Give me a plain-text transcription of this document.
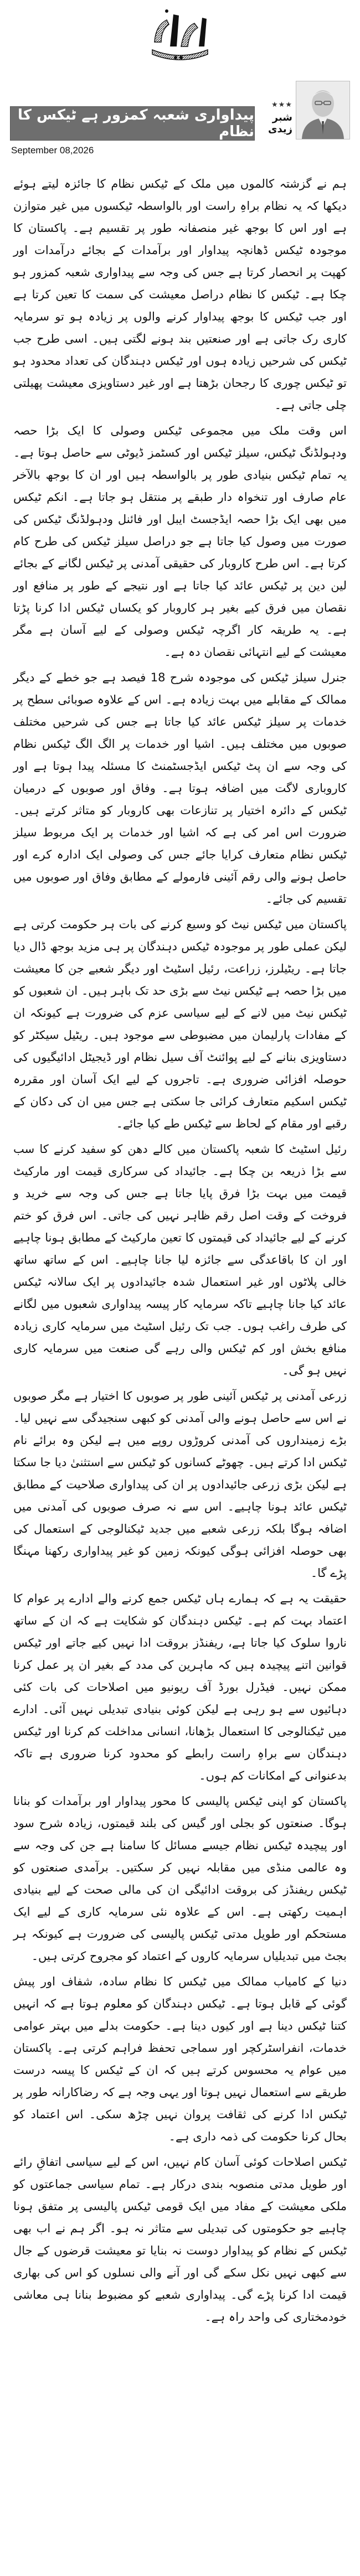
پیداواری شعبہ کمزور ہے ٹیکس کا نظام
September 08,2026
★★★
شبر زیدی

ہم نے گزشتہ کالموں میں ملک کے ٹیکس نظام کا جائزہ لیتے ہوئے دیکھا کہ یہ نظام براہِ راست اور بالواسطہ ٹیکسوں میں غیر متوازن ہے اور اس کا بوجھ غیر منصفانہ طور پر تقسیم ہے۔ پاکستان کا موجودہ ٹیکس ڈھانچہ پیداوار اور برآمدات کے بجائے درآمدات اور کھپت پر انحصار کرتا ہے جس کی وجہ سے پیداواری شعبہ کمزور ہو چکا ہے۔ ٹیکس کا نظام دراصل معیشت کی سمت کا تعین کرتا ہے اور جب ٹیکس کا بوجھ پیداوار کرنے والوں پر زیادہ ہو تو سرمایہ کاری رک جاتی ہے اور صنعتیں بند ہونے لگتی ہیں۔ اسی طرح جب ٹیکس کی شرحیں زیادہ ہوں اور ٹیکس دہندگان کی تعداد محدود ہو تو ٹیکس چوری کا رجحان بڑھتا ہے اور غیر دستاویزی معیشت پھیلتی چلی جاتی ہے۔

اس وقت ملک میں مجموعی ٹیکس وصولی کا ایک بڑا حصہ ودہولڈنگ ٹیکس، سیلز ٹیکس اور کسٹمز ڈیوٹی سے حاصل ہوتا ہے۔ یہ تمام ٹیکس بنیادی طور پر بالواسطہ ہیں اور ان کا بوجھ بالآخر عام صارف اور تنخواہ دار طبقے پر منتقل ہو جاتا ہے۔ انکم ٹیکس میں بھی ایک بڑا حصہ ایڈجسٹ ایبل اور فائنل ودہولڈنگ ٹیکس کی صورت میں وصول کیا جاتا ہے جو دراصل سیلز ٹیکس کی طرح کام کرتا ہے۔ اس طرح کاروبار کی حقیقی آمدنی پر ٹیکس لگانے کے بجائے لین دین پر ٹیکس عائد کیا جاتا ہے اور نتیجے کے طور پر منافع اور نقصان میں فرق کیے بغیر ہر کاروبار کو یکساں ٹیکس ادا کرنا پڑتا ہے۔ یہ طریقہ کار اگرچہ ٹیکس وصولی کے لیے آسان ہے مگر معیشت کے لیے انتہائی نقصان دہ ہے۔

جنرل سیلز ٹیکس کی موجودہ شرح 18 فیصد ہے جو خطے کے دیگر ممالک کے مقابلے میں بہت زیادہ ہے۔ اس کے علاوہ صوبائی سطح پر خدمات پر سیلز ٹیکس عائد کیا جاتا ہے جس کی شرحیں مختلف صوبوں میں مختلف ہیں۔ اشیا اور خدمات پر الگ الگ ٹیکس نظام کی وجہ سے ان پٹ ٹیکس ایڈجسٹمنٹ کا مسئلہ پیدا ہوتا ہے اور کاروباری لاگت میں اضافہ ہوتا ہے۔ وفاق اور صوبوں کے درمیان ٹیکس کے دائرہ اختیار پر تنازعات بھی کاروبار کو متاثر کرتے ہیں۔ ضرورت اس امر کی ہے کہ اشیا اور خدمات پر ایک مربوط سیلز ٹیکس نظام متعارف کرایا جائے جس کی وصولی ایک ادارہ کرے اور حاصل ہونے والی رقم آئینی فارمولے کے مطابق وفاق اور صوبوں میں تقسیم کی جائے۔

پاکستان میں ٹیکس نیٹ کو وسیع کرنے کی بات ہر حکومت کرتی ہے لیکن عملی طور پر موجودہ ٹیکس دہندگان پر ہی مزید بوجھ ڈال دیا جاتا ہے۔ ریٹیلرز، زراعت، رئیل اسٹیٹ اور دیگر شعبے جن کا معیشت میں بڑا حصہ ہے ٹیکس نیٹ سے بڑی حد تک باہر ہیں۔ ان شعبوں کو ٹیکس نیٹ میں لانے کے لیے سیاسی عزم کی ضرورت ہے کیونکہ ان کے مفادات پارلیمان میں مضبوطی سے موجود ہیں۔ ریٹیل سیکٹر کو دستاویزی بنانے کے لیے پوائنٹ آف سیل نظام اور ڈیجیٹل ادائیگیوں کی حوصلہ افزائی ضروری ہے۔ تاجروں کے لیے ایک آسان اور مقررہ ٹیکس اسکیم متعارف کرائی جا سکتی ہے جس میں ان کی دکان کے رقبے اور مقام کے لحاظ سے ٹیکس طے کیا جائے۔

رئیل اسٹیٹ کا شعبہ پاکستان میں کالے دھن کو سفید کرنے کا سب سے بڑا ذریعہ بن چکا ہے۔ جائیداد کی سرکاری قیمت اور مارکیٹ قیمت میں بہت بڑا فرق پایا جاتا ہے جس کی وجہ سے خرید و فروخت کے وقت اصل رقم ظاہر نہیں کی جاتی۔ اس فرق کو ختم کرنے کے لیے جائیداد کی قیمتوں کا تعین مارکیٹ کے مطابق ہونا چاہیے اور ان کا باقاعدگی سے جائزہ لیا جانا چاہیے۔ اس کے ساتھ ساتھ خالی پلاٹوں اور غیر استعمال شدہ جائیدادوں پر ایک سالانہ ٹیکس عائد کیا جانا چاہیے تاکہ سرمایہ کار پیسہ پیداواری شعبوں میں لگانے کی طرف راغب ہوں۔ جب تک رئیل اسٹیٹ میں سرمایہ کاری زیادہ منافع بخش اور کم ٹیکس والی رہے گی صنعت میں سرمایہ کاری نہیں ہو گی۔

زرعی آمدنی پر ٹیکس آئینی طور پر صوبوں کا اختیار ہے مگر صوبوں نے اس سے حاصل ہونے والی آمدنی کو کبھی سنجیدگی سے نہیں لیا۔ بڑے زمینداروں کی آمدنی کروڑوں روپے میں ہے لیکن وہ برائے نام ٹیکس ادا کرتے ہیں۔ چھوٹے کسانوں کو ٹیکس سے استثنیٰ دیا جا سکتا ہے لیکن بڑی زرعی جائیدادوں پر ان کی پیداواری صلاحیت کے مطابق ٹیکس عائد ہونا چاہیے۔ اس سے نہ صرف صوبوں کی آمدنی میں اضافہ ہوگا بلکہ زرعی شعبے میں جدید ٹیکنالوجی کے استعمال کی بھی حوصلہ افزائی ہوگی کیونکہ زمین کو غیر پیداواری رکھنا مہنگا پڑے گا۔

حقیقت یہ ہے کہ ہمارے ہاں ٹیکس جمع کرنے والے ادارے پر عوام کا اعتماد بہت کم ہے۔ ٹیکس دہندگان کو شکایت ہے کہ ان کے ساتھ ناروا سلوک کیا جاتا ہے، ریفنڈز بروقت ادا نہیں کیے جاتے اور ٹیکس قوانین اتنے پیچیدہ ہیں کہ ماہرین کی مدد کے بغیر ان پر عمل کرنا ممکن نہیں۔ فیڈرل بورڈ آف ریونیو میں اصلاحات کی بات کئی دہائیوں سے ہو رہی ہے لیکن کوئی بنیادی تبدیلی نہیں آئی۔ ادارے میں ٹیکنالوجی کا استعمال بڑھانا، انسانی مداخلت کم کرنا اور ٹیکس دہندگان سے براہِ راست رابطے کو محدود کرنا ضروری ہے تاکہ بدعنوانی کے امکانات کم ہوں۔

پاکستان کو اپنی ٹیکس پالیسی کا محور پیداوار اور برآمدات کو بنانا ہوگا۔ صنعتوں کو بجلی اور گیس کی بلند قیمتوں، زیادہ شرح سود اور پیچیدہ ٹیکس نظام جیسے مسائل کا سامنا ہے جن کی وجہ سے وہ عالمی منڈی میں مقابلہ نہیں کر سکتیں۔ برآمدی صنعتوں کو ٹیکس ریفنڈز کی بروقت ادائیگی ان کی مالی صحت کے لیے بنیادی اہمیت رکھتی ہے۔ اس کے علاوہ نئی سرمایہ کاری کے لیے ایک مستحکم اور طویل مدتی ٹیکس پالیسی کی ضرورت ہے کیونکہ ہر بجٹ میں تبدیلیاں سرمایہ کاروں کے اعتماد کو مجروح کرتی ہیں۔

دنیا کے کامیاب ممالک میں ٹیکس کا نظام سادہ، شفاف اور پیش گوئی کے قابل ہوتا ہے۔ ٹیکس دہندگان کو معلوم ہوتا ہے کہ انہیں کتنا ٹیکس دینا ہے اور کیوں دینا ہے۔ حکومت بدلے میں بہتر عوامی خدمات، انفراسٹرکچر اور سماجی تحفظ فراہم کرتی ہے۔ پاکستان میں عوام یہ محسوس کرتے ہیں کہ ان کے ٹیکس کا پیسہ درست طریقے سے استعمال نہیں ہوتا اور یہی وجہ ہے کہ رضاکارانہ طور پر ٹیکس ادا کرنے کی ثقافت پروان نہیں چڑھ سکی۔ اس اعتماد کو بحال کرنا حکومت کی ذمہ داری ہے۔

ٹیکس اصلاحات کوئی آسان کام نہیں، اس کے لیے سیاسی اتفاقِ رائے اور طویل مدتی منصوبہ بندی درکار ہے۔ تمام سیاسی جماعتوں کو ملکی معیشت کے مفاد میں ایک قومی ٹیکس پالیسی پر متفق ہونا چاہیے جو حکومتوں کی تبدیلی سے متاثر نہ ہو۔ اگر ہم نے اب بھی ٹیکس کے نظام کو پیداوار دوست نہ بنایا تو معیشت قرضوں کے جال سے کبھی نہیں نکل سکے گی اور آنے والی نسلوں کو اس کی بھاری قیمت ادا کرنا پڑے گی۔ پیداواری شعبے کو مضبوط بنانا ہی معاشی خودمختاری کی واحد راہ ہے۔
